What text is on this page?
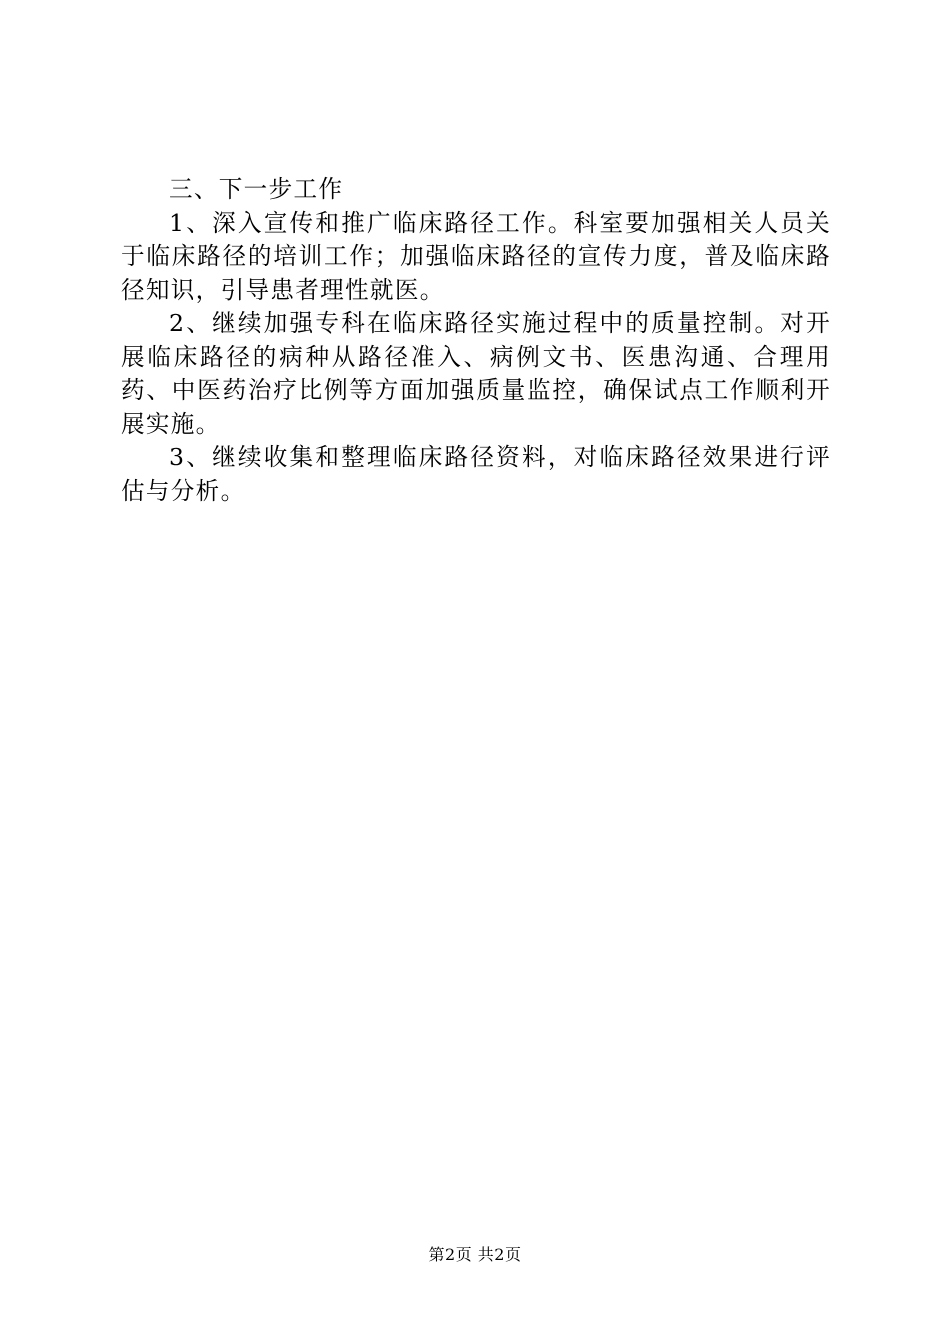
三、下一步工作

1、深入宣传和推广临床路径工作。科室要加强相关人员关于临床路径的培训工作；加强临床路径的宣传力度，普及临床路径知识，引导患者理性就医。

2、继续加强专科在临床路径实施过程中的质量控制。对开展临床路径的病种从路径准入、病例文书、医患沟通、合理用药、中医药治疗比例等方面加强质量监控，确保试点工作顺利开展实施。

3、继续收集和整理临床路径资料，对临床路径效果进行评估与分析。

第2页 共2页
